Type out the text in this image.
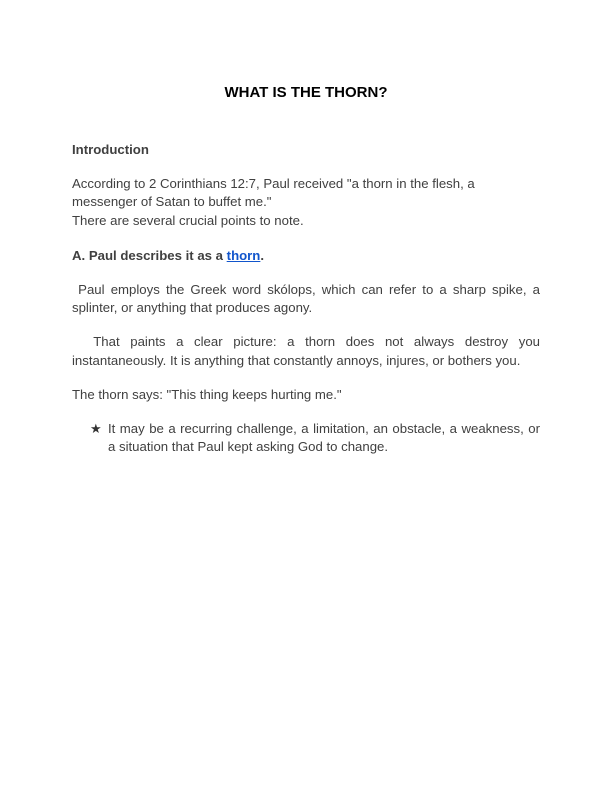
WHAT IS THE THORN?

Introduction

According to 2 Corinthians 12:7, Paul received "a thorn in the flesh, a messenger of Satan to buffet me."
There are several crucial points to note.

A. Paul describes it as a thorn.

Paul employs the Greek word skólops, which can refer to a sharp spike, a splinter, or anything that produces agony.

That paints a clear picture: a thorn does not always destroy you instantaneously. It is anything that constantly annoys, injures, or bothers you.

The thorn says: "This thing keeps hurting me."

★ It may be a recurring challenge, a limitation, an obstacle, a weakness, or a situation that Paul kept asking God to change.
